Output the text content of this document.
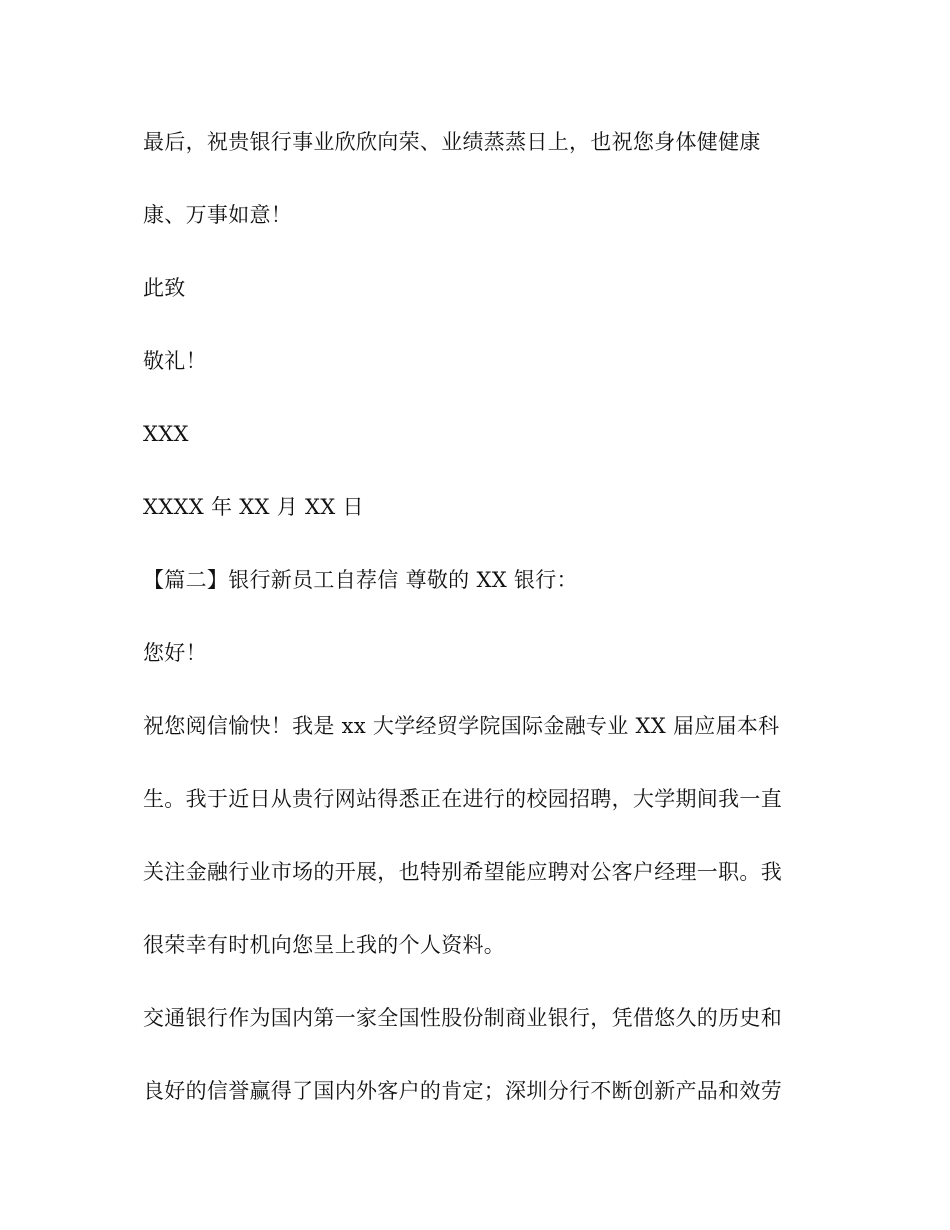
最后，祝贵银行事业欣欣向荣、业绩蒸蒸日上，也祝您身体健健康
康、万事如意！
此致
敬礼！
XXX
XXXX 年 XX 月 XX 日
【篇二】银行新员工自荐信 尊敬的 XX 银行：
您好！
祝您阅信愉快！我是 xx 大学经贸学院国际金融专业 XX 届应届本科
生。我于近日从贵行网站得悉正在进行的校园招聘，大学期间我一直
关注金融行业市场的开展，也特别希望能应聘对公客户经理一职。我
很荣幸有时机向您呈上我的个人资料。
交通银行作为国内第一家全国性股份制商业银行，凭借悠久的历史和
良好的信誉赢得了国内外客户的肯定；深圳分行不断创新产品和效劳
